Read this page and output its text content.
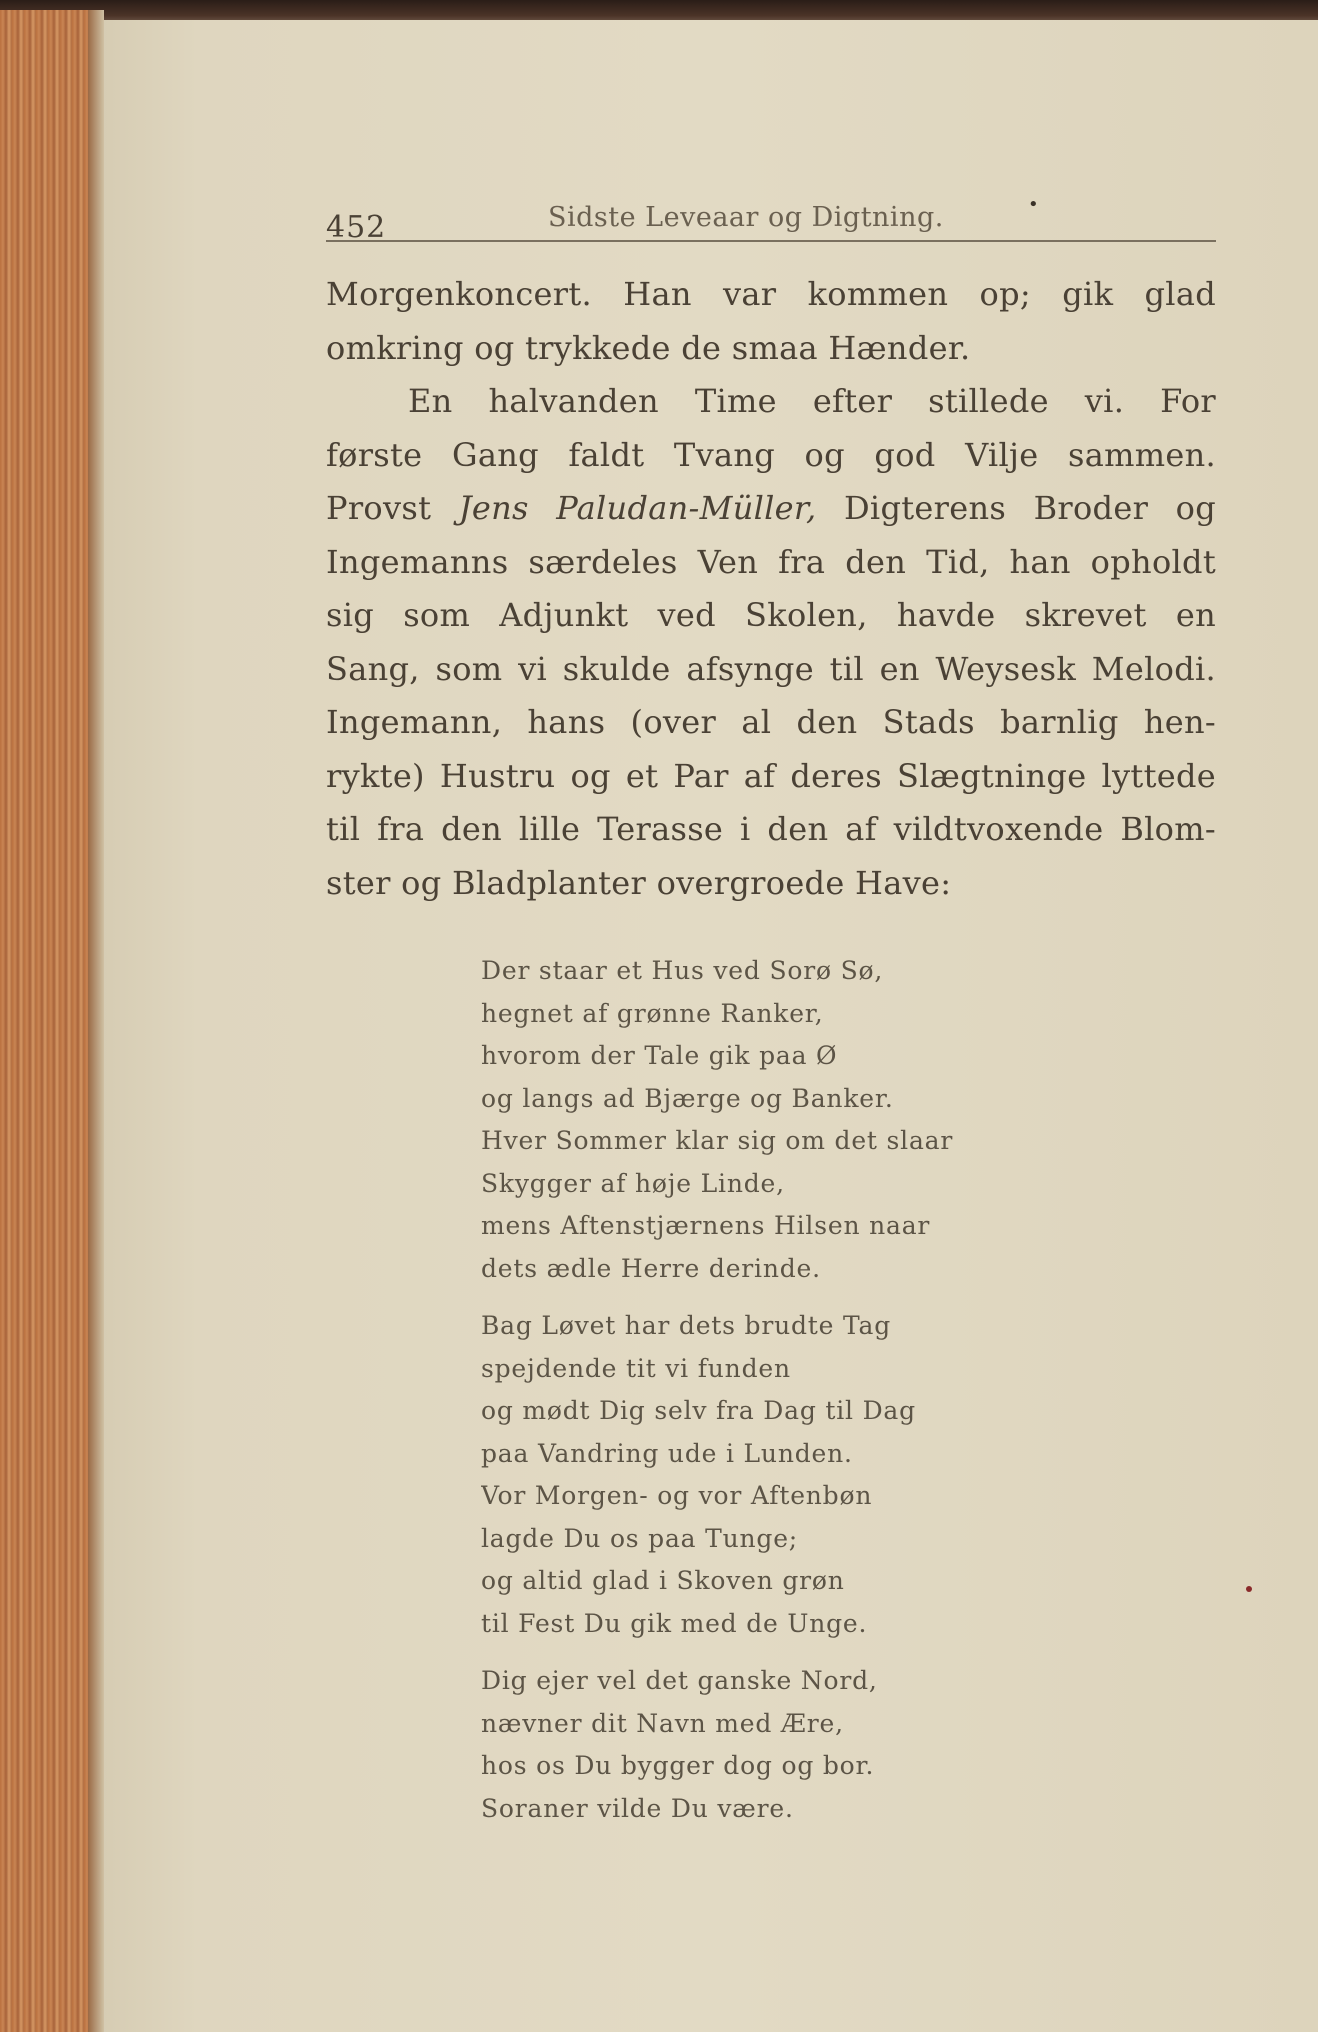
452	Sidste Leveaar og Digtning.	•
Morgenkoncert. Han var kommen op; gik glad
omkring og trykkede de smaa Hænder.
En halvanden Time efter stillede vi. For
første Gang faldt Tvang og god Vilje sammen.
Provst Jens Paludan-Müller, Digterens Broder og
Ingemanns særdeles Ven fra den Tid, han opholdt
sig som Adjunkt ved Skolen, havde skrevet en
Sang, som vi skulde afsynge til en Weysesk Melodi.
Ingemann, hans (over al den Stads barnlig hen-
rykte) Hustru og et Par af deres Slægtninge lyttede
til fra den lille Terasse i den af vildtvoxende Blom-
ster og Bladplanter overgroede Have:
Der staar et Hus ved Sorø Sø,
hegnet af grønne Ranker,
hvorom der Tale gik paa Ø
og langs ad Bjærge og Banker.
Hver Sommer klar sig om det slaar
Skygger af høje Linde,
mens Aftenstjærnens Hilsen naar
dets ædle Herre derinde.
Bag Løvet har dets brudte Tag
spejdende tit vi funden
og mødt Dig selv fra Dag til Dag
paa Vandring ude i Lunden.
Vor Morgen- og vor Aftenbøn
lagde Du os paa Tunge;
og altid glad i Skoven grøn
til Fest Du gik med de Unge.
Dig ejer vel det ganske Nord,
nævner dit Navn med Ære,
hos os Du bygger dog og bor.
Soraner vilde Du være.
